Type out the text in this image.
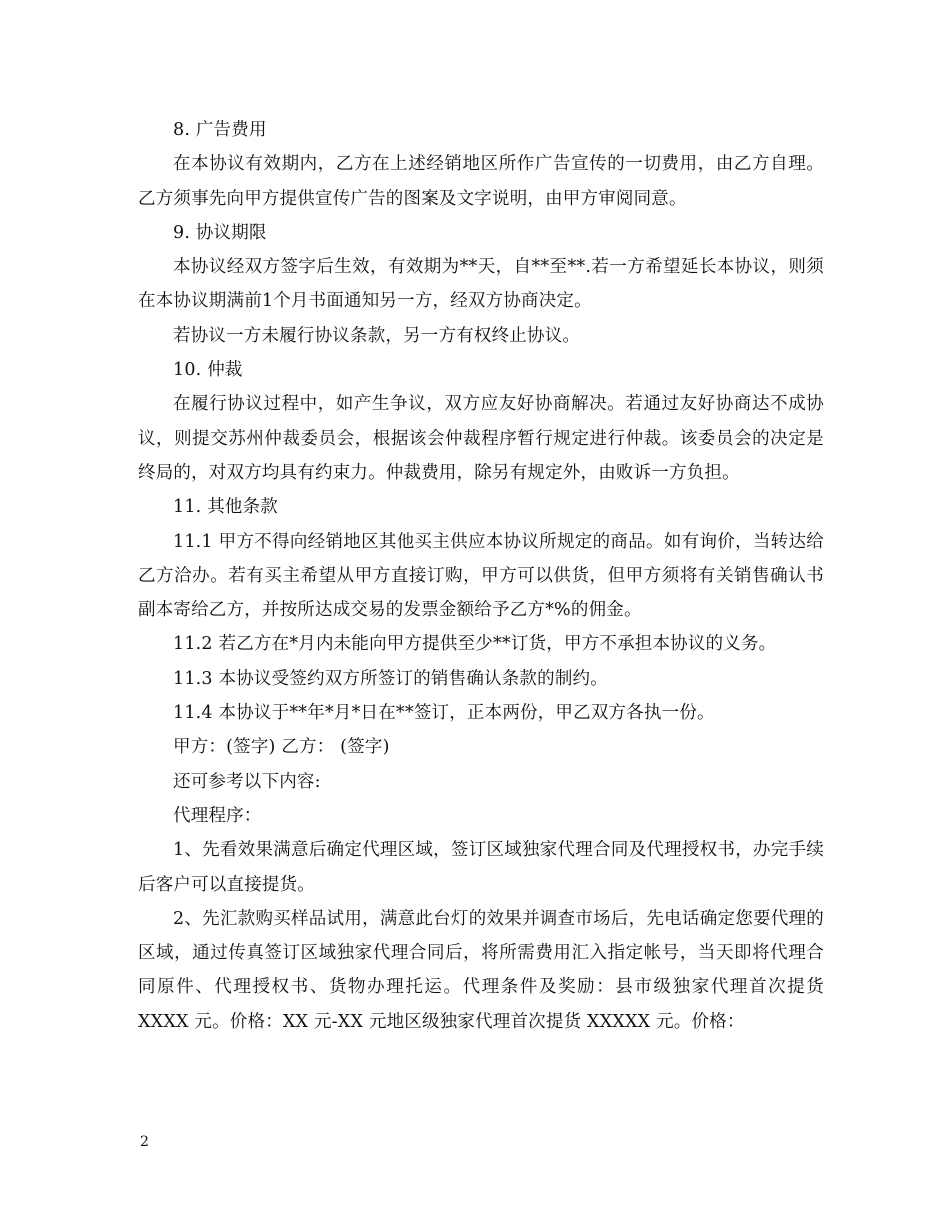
8. 广告费用

在本协议有效期内，乙方在上述经销地区所作广告宣传的一切费用，由乙方自理。乙方须事先向甲方提供宣传广告的图案及文字说明，由甲方审阅同意。

9. 协议期限

本协议经双方签字后生效，有效期为**天，自**至**.若一方希望延长本协议，则须在本协议期满前1个月书面通知另一方，经双方协商决定。

若协议一方未履行协议条款，另一方有权终止协议。

10. 仲裁

在履行协议过程中，如产生争议，双方应友好协商解决。若通过友好协商达不成协议，则提交苏州仲裁委员会，根据该会仲裁程序暂行规定进行仲裁。该委员会的决定是终局的，对双方均具有约束力。仲裁费用，除另有规定外，由败诉一方负担。

11. 其他条款

11.1 甲方不得向经销地区其他买主供应本协议所规定的商品。如有询价，当转达给乙方洽办。若有买主希望从甲方直接订购，甲方可以供货，但甲方须将有关销售确认书副本寄给乙方，并按所达成交易的发票金额给予乙方*%的佣金。

11.2 若乙方在*月内未能向甲方提供至少**订货，甲方不承担本协议的义务。

11.3 本协议受签约双方所签订的销售确认条款的制约。

11.4 本协议于**年*月*日在**签订，正本两份，甲乙双方各执一份。

甲方：(签字) 乙方： (签字)

还可参考以下内容:

代理程序：

1、先看效果满意后确定代理区域，签订区域独家代理合同及代理授权书，办完手续后客户可以直接提货。

2、先汇款购买样品试用，满意此台灯的效果并调查市场后，先电话确定您要代理的区域，通过传真签订区域独家代理合同后，将所需费用汇入指定帐号，当天即将代理合同原件、代理授权书、货物办理托运。代理条件及奖励：县市级独家代理首次提货 XXXX 元。价格：XX 元-XX 元地区级独家代理首次提货 XXXXX 元。价格：

2
